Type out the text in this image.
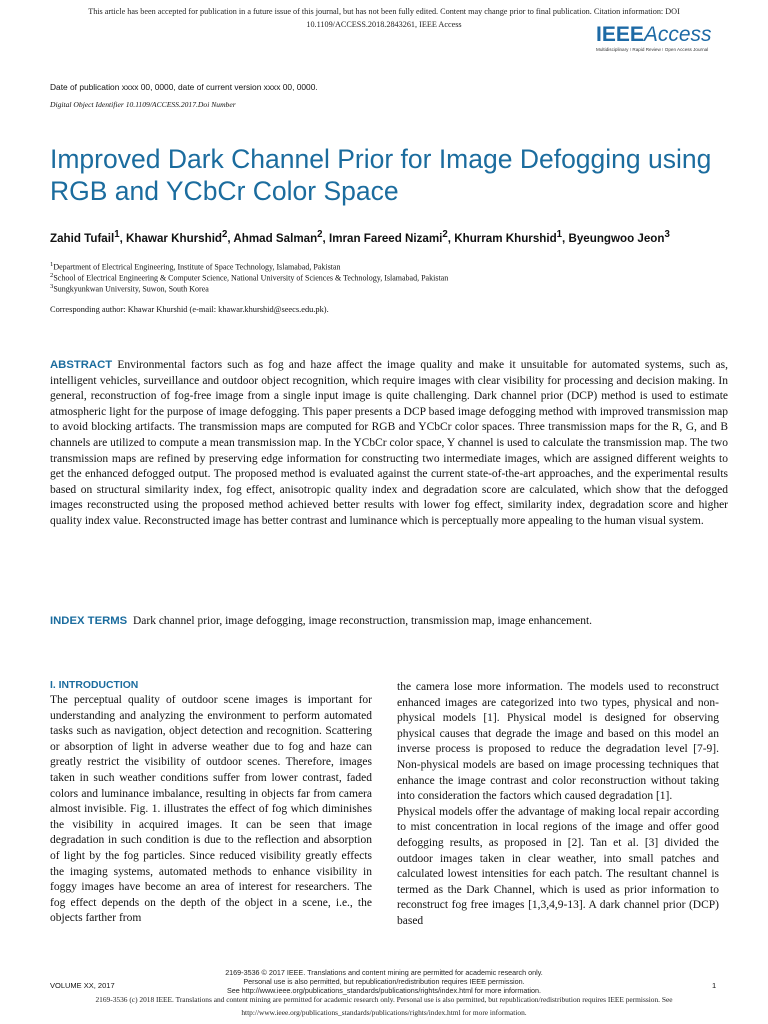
This article has been accepted for publication in a future issue of this journal, but has not been fully edited. Content may change prior to final publication. Citation information: DOI
10.1109/ACCESS.2018.2843261, IEEE Access	IEEEAccess
Multidisciplinary ⁝ Rapid Review ⁝ Open Access Journal
Date of publication xxxx 00, 0000, date of current version xxxx 00, 0000.
Digital Object Identifier 10.1109/ACCESS.2017.Doi Number
Improved Dark Channel Prior for Image Defogging using RGB and YCbCr Color Space
Zahid Tufail$^1$, Khawar Khurshid$^2$, Ahmad Salman$^2$, Imran Fareed Nizami$^2$, Khurram Khurshid$^1$, Byeungwoo Jeon$^3$
$^1$Department of Electrical Engineering, Institute of Space Technology, Islamabad, Pakistan
$^2$School of Electrical Engineering & Computer Science, National University of Sciences & Technology, Islamabad, Pakistan
$^3$Sungkyunkwan University, Suwon, South Korea
Corresponding author: Khawar Khurshid (e-mail: khawar.khurshid@seecs.edu.pk).

ABSTRACT Environmental factors such as fog and haze affect the image quality and make it unsuitable for automated systems, such as, intelligent vehicles, surveillance and outdoor object recognition, which require images with clear visibility for processing and decision making. In general, reconstruction of fog-free image from a single input image is quite challenging. Dark channel prior (DCP) method is used to estimate atmospheric light for the purpose of image defogging. This paper presents a DCP based image defogging method with improved transmission map to avoid blocking artifacts. The transmission maps are computed for RGB and YCbCr color spaces. Three transmission maps for the R, G, and B channels are utilized to compute a mean transmission map. In the YCbCr color space, Y channel is used to calculate the transmission map. The two transmission maps are refined by preserving edge information for constructing two intermediate images, which are assigned different weights to get the enhanced defogged output. The proposed method is evaluated against the current state-of-the-art approaches, and the experimental results based on structural similarity index, fog effect, anisotropic quality index and degradation score are calculated, which show that the defogged images reconstructed using the proposed method achieved better results with lower fog effect, similarity index, degradation score and higher quality index value. Reconstructed image has better contrast and luminance which is perceptually more appealing to the human visual system.

INDEX TERMS Dark channel prior, image defogging, image reconstruction, transmission map, image enhancement.

I. INTRODUCTION

The perceptual quality of outdoor scene images is important for understanding and analyzing the environment to perform automated tasks such as navigation, object detection and recognition. Scattering or absorption of light in adverse weather due to fog and haze can greatly restrict the visibility of outdoor scenes. Therefore, images taken in such weather conditions suffer from lower contrast, faded colors and luminance imbalance, resulting in objects far from camera almost invisible. Fig. 1. illustrates the effect of fog which diminishes the visibility in acquired images. It can be seen that image degradation in such condition is due to the reflection and absorption of light by the fog particles. Since reduced visibility greatly effects the imaging systems, automated methods to enhance visibility in foggy images have become an area of interest for researchers. The fog effect depends on the depth of the object in a scene, i.e., the objects farther from

the camera lose more information. The models used to reconstruct enhanced images are categorized into two types, physical and non-physical models [1]. Physical model is designed for observing physical causes that degrade the image and based on this model an inverse process is proposed to reduce the degradation level [7-9]. Non-physical models are based on image processing techniques that enhance the image contrast and color reconstruction without taking into consideration the factors which caused degradation [1].

Physical models offer the advantage of making local repair according to mist concentration in local regions of the image and offer good defogging results, as proposed in [2]. Tan et al. [3] divided the outdoor images taken in clear weather, into small patches and calculated lowest intensities for each patch. The resultant channel is termed as the Dark Channel, which is used as prior information to reconstruct fog free images [1,3,4,9-13]. A dark channel prior (DCP) based

2169-3536 © 2017 IEEE. Translations and content mining are permitted for academic research only.
Personal use is also permitted, but republication/redistribution requires IEEE permission.
See http://www.ieee.org/publications_standards/publications/rights/index.html for more information.
VOLUME XX, 2017	1
2169-3536 (c) 2018 IEEE. Translations and content mining are permitted for academic research only. Personal use is also permitted, but republication/redistribution requires IEEE permission. See
http://www.ieee.org/publications_standards/publications/rights/index.html for more information.
